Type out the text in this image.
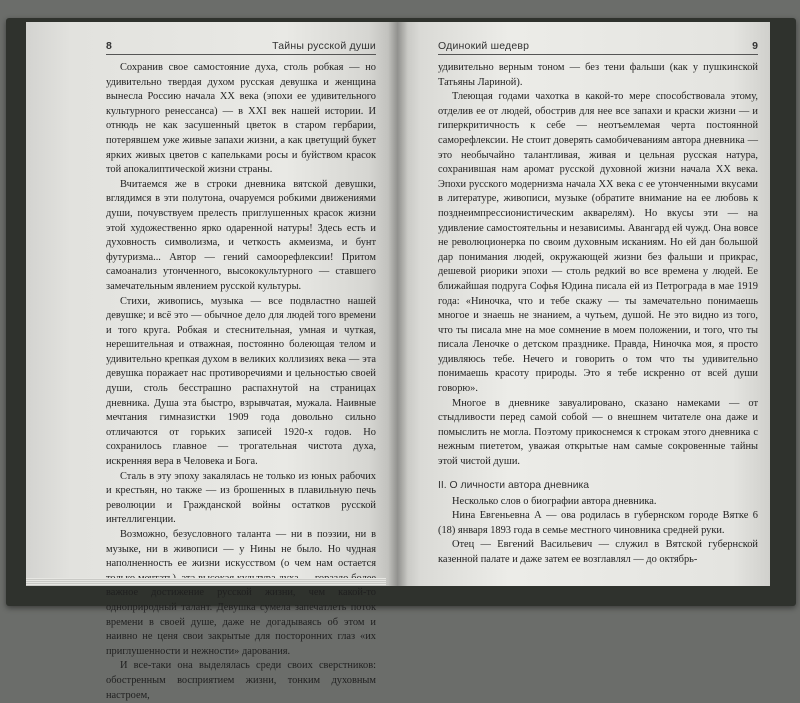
8	Тайны русской души

Сохранив свое самостояние духа, столь робкая — но удивительно твердая духом русская девушка и женщина вынесла Россию начала XX века (эпохи ее удивительного культурного ренессанса) — в XXI век нашей истории. И отнюдь не как засушенный цветок в старом гербарии, потерявшем уже живые запахи жизни, а как цветущий букет ярких живых цветов с капельками росы и буйством красок той апокалиптической жизни страны.

Вчитаемся же в строки дневника вятской девушки, вглядимся в эти полутона, очаруемся робкими движениями души, почувствуем прелесть приглушенных красок жизни этой художественно ярко одаренной натуры! Здесь есть и духовность символизма, и четкость акмеизма, и бунт футуризма... Автор — гений самоорефлексии! Притом самоанализ утонченного, высококультурного — ставшего замечательным явлением русской культуры.

Стихи, живопись, музыка — все подвластно нашей девушке; и всё это — обычное дело для людей того времени и того круга. Робкая и стеснительная, умная и чуткая, нерешительная и отважная, постоянно болеющая телом и удивительно крепкая духом в великих коллизиях века — эта девушка поражает нас противоречиями и цельностью своей души, столь бесстрашно распахнутой на страницах дневника. Душа эта быстро, взрывчатая, мужала. Наивные мечтания гимназистки 1909 года довольно сильно отличаются от горьких записей 1920-х годов. Но сохранилось главное — трогательная чистота духа, искренняя вера в Человека и Бога.

Сталь в эту эпоху закалялась не только из юных рабочих и крестьян, но также — из брошенных в плавильную печь революции и Гражданской войны остатков русской интеллигенции.

Возможно, безусловного таланта — ни в поэзии, ни в музыке, ни в живописи — у Нины не было. Но чудная наполненность ее жизни искусством (о чем нам остается важное достижение русской жизни, чем какой-то одноприродный талант. Девушка сумела запечатлеть поток времени в своей душе, даже не догадываясь об этом и наивно не ценя свои закрытые для посторонних глаз «их приглушенности и нежности» дарования.

И все-таки она выделялась среди своих сверстников: обостренным восприятием жизни, тонким духовным настроем,

Одинокий шедевр	9

удивительно верным тоном — без тени фальши (как у пушкинской Татьяны Лариной).

Тлеющая годами чахотка в какой-то мере способствовала этому, отделив ее от людей, обострив для нее все запахи и краски жизни — и гиперкритичность к себе — неотъемлемая черта постоянной саморефлексии. Не стоит доверять самобичеваниям автора дневника — это необычайно талантливая, живая и цельная русская натура, сохранившая нам аромат русской духовной жизни начала XX века. Эпохи русского модернизма начала XX века с ее утонченными вкусами в литературе, живописи, музыке (обратите внимание на ее любовь к позднеимпрессионистическим акварелям). Но вкусы эти — на удивление самостоятельны и независимы. Авангард ей чужд. Она вовсе не революционерка по своим духовным исканиям. Но ей дан большой дар понимания людей, окружающей жизни без фальши и прикрас, дешевой риорики эпохи — столь редкий во все времена у людей. Ее ближайшая подруга Софья Юдина писала ей из Петрограда в мае 1919 года: «Ниночка, что и тебе скажу — ты замечательно понимаешь многое и знаешь не знанием, а чутьем, душой. Не это видно из того, что ты писала мне на мое сомнение в моем положении, и того, что ты писала Леночке о детском празднике. Правда, Ниночка моя, я просто удивляюсь тебе. Нечего и говорить о том что ты удивительно понимаешь красоту природы. Это я тебе искренно от всей души говорю».

Многое в дневнике завуалировано, сказано намеками — от стыдливости перед самой собой — о внешнем читателе она даже и помыслить не могла. Поэтому прикоснемся к строкам этого дневника с нежным пиететом, уважая открытые нам самые сокровенные тайны этой чистой души.

II. О личности автора дневника

Несколько слов о биографии автора дневника.

Нина Евгеньевна А — ова родилась в губернском городе Вятке 6 (18) января 1893 года в семье местного чиновника средней руки.

Отец — Евгений Васильевич — служил в Вятской губернской казенной палате и даже затем ее возглавлял — до октябрь-
